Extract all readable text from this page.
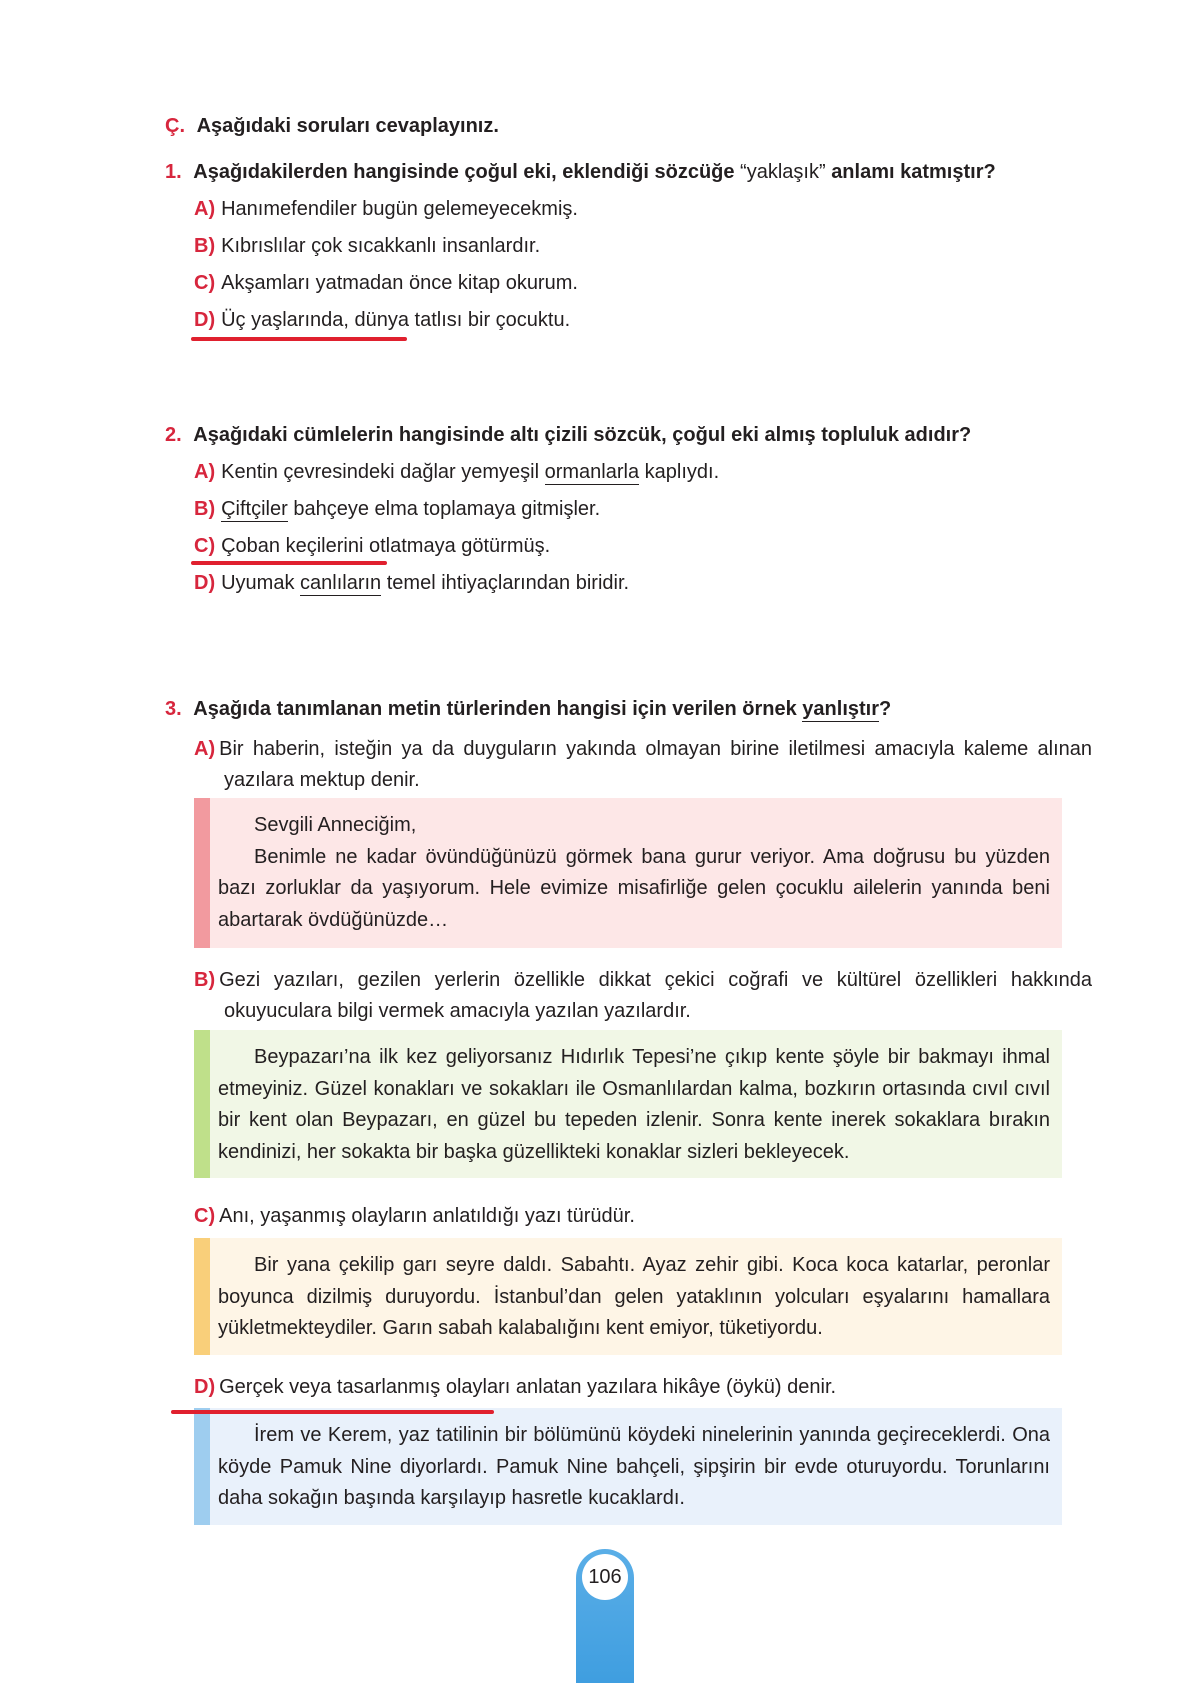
Ç. Aşağıdaki soruları cevaplayınız.
1. Aşağıdakilerden hangisinde çoğul eki, eklendiği sözcüğe “yaklaşık” anlamı katmıştır?
A) Hanımefendiler bugün gelemeyecekmiş.
B) Kıbrıslılar çok sıcakkanlı insanlardır.
C) Akşamları yatmadan önce kitap okurum.
D) Üç yaşlarında, dünya tatlısı bir çocuktu.
2. Aşağıdaki cümlelerin hangisinde altı çizili sözcük, çoğul eki almış topluluk adıdır?
A) Kentin çevresindeki dağlar yemyeşil ormanlarla kaplıydı.
B) Çiftçiler bahçeye elma toplamaya gitmişler.
C) Çoban keçilerini otlatmaya götürmüş.
D) Uyumak canlıların temel ihtiyaçlarından biridir.
3. Aşağıda tanımlanan metin türlerinden hangisi için verilen örnek yanlıştır?
A) Bir haberin, isteğin ya da duyguların yakında olmayan birine iletilmesi amacıyla kaleme alınan yazılara mektup denir.

Sevgili Anneciğim,

Benimle ne kadar övündüğünüzü görmek bana gurur veriyor. Ama doğrusu bu yüzden bazı zorluklar da yaşıyorum. Hele evimize misafirliğe gelen çocuklu ailelerin yanında beni abartarak övdüğünüzde…

B) Gezi yazıları, gezilen yerlerin özellikle dikkat çekici coğrafi ve kültürel özellikleri hakkında okuyuculara bilgi vermek amacıyla yazılan yazılardır.

Beypazarı’na ilk kez geliyorsanız Hıdırlık Tepesi’ne çıkıp kente şöyle bir bakmayı ihmal etmeyiniz. Güzel konakları ve sokakları ile Osmanlılardan kalma, bozkırın ortasında cıvıl cıvıl bir kent olan Beypazarı, en güzel bu tepeden izlenir. Sonra kente inerek sokaklara bırakın kendinizi, her sokakta bir başka güzellikteki konaklar sizleri bekleyecek.

C) Anı, yaşanmış olayların anlatıldığı yazı türüdür.

Bir yana çekilip garı seyre daldı. Sabahtı. Ayaz zehir gibi. Koca koca katarlar, peronlar boyunca dizilmiş duruyordu. İstanbul’dan gelen yataklının yolcuları eşyalarını hamallara yükletmekteydiler. Garın sabah kalabalığını kent emiyor, tüketiyordu.

D) Gerçek veya tasarlanmış olayları anlatan yazılara hikâye (öykü) denir.

İrem ve Kerem, yaz tatilinin bir bölümünü köydeki ninelerinin yanında geçireceklerdi. Ona köyde Pamuk Nine diyorlardı. Pamuk Nine bahçeli, şipşirin bir evde oturuyordu. Torunlarını daha sokağın başında karşılayıp hasretle kucaklardı.

106
